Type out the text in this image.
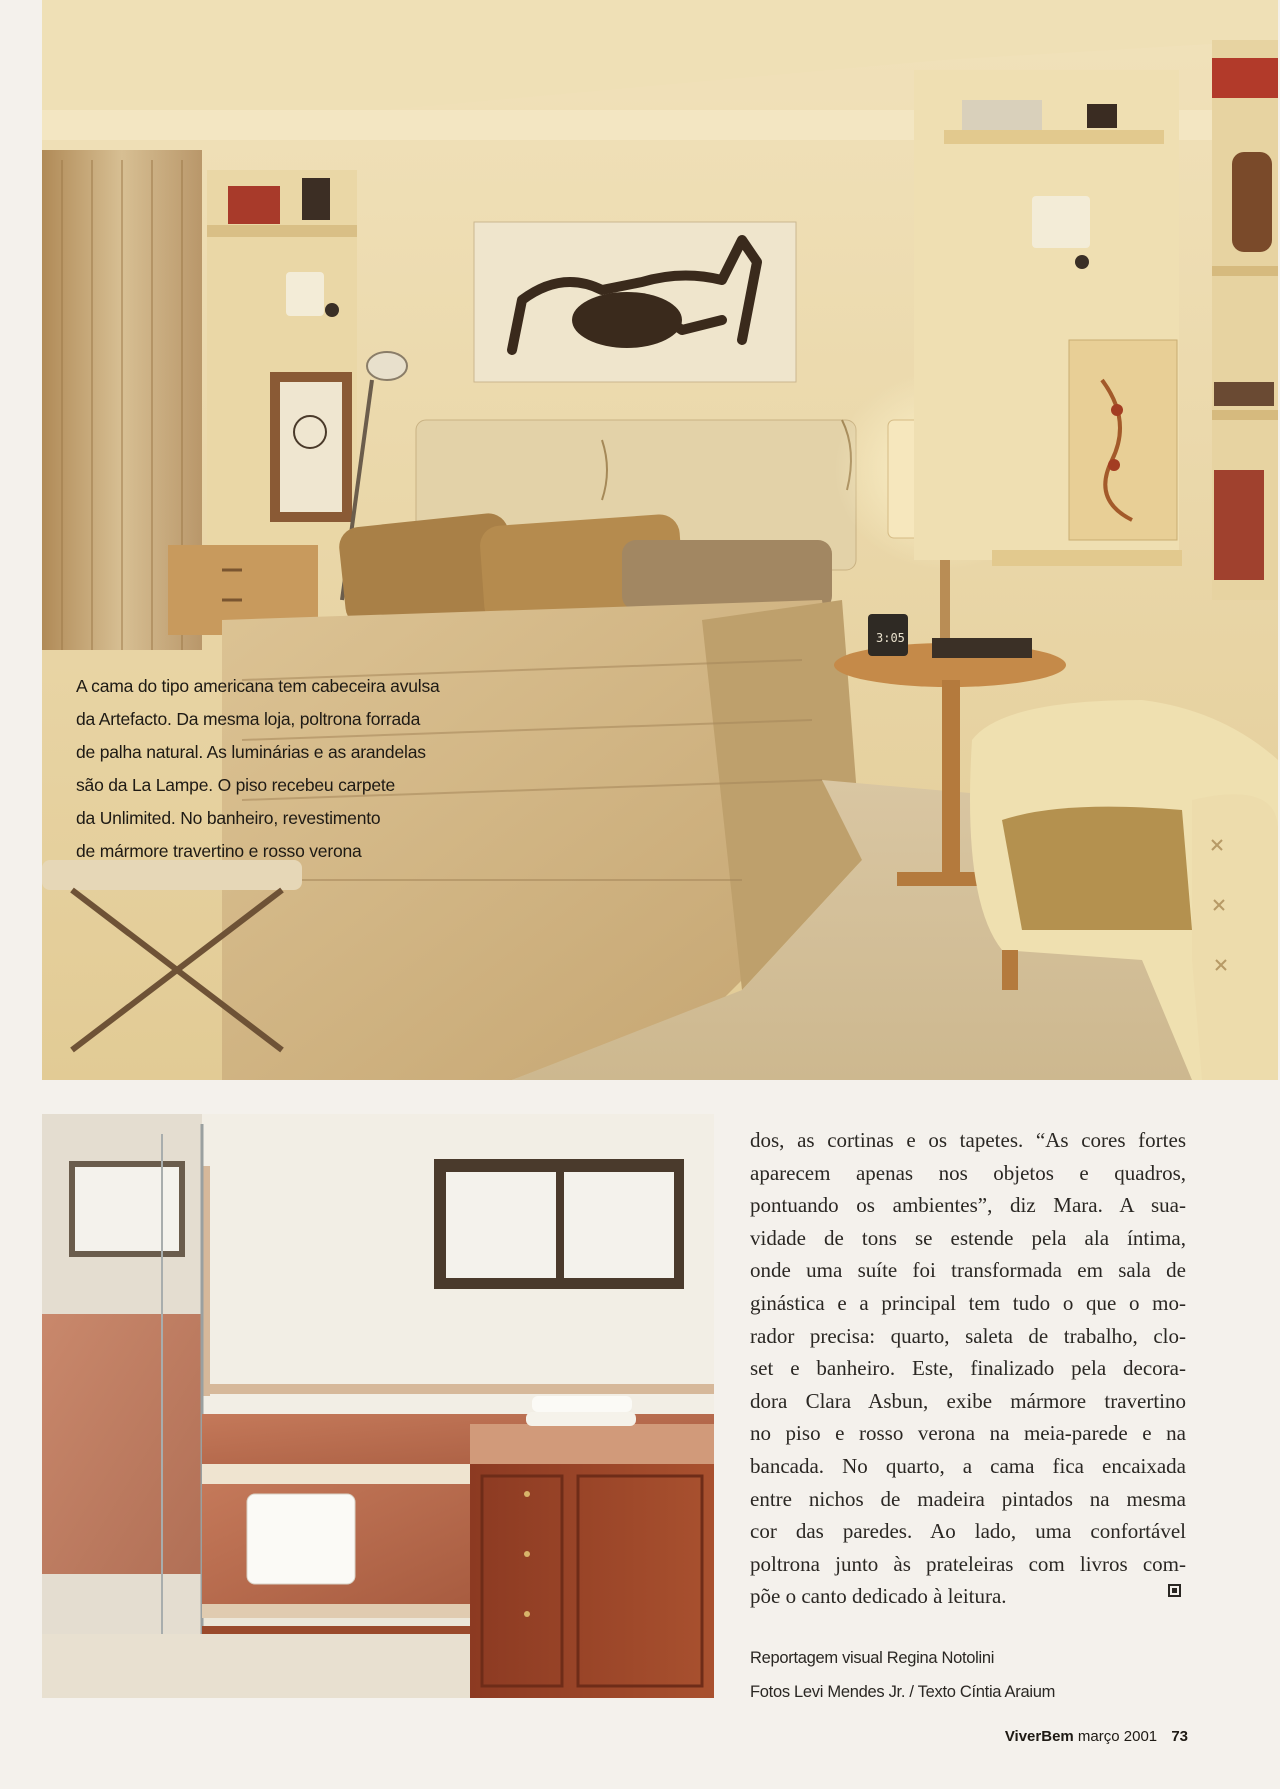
3:05
A cama do tipo americana tem cabeceira avulsa
da Artefacto. Da mesma loja, poltrona forrada
de palha natural. As luminárias e as arandelas
são da La Lampe. O piso recebeu carpete
da Unlimited. No banheiro, revestimento
de mármore travertino e rosso verona
dos, as cortinas e os tapetes. “As cores fortes
aparecem apenas nos objetos e quadros,
pontuando os ambientes”, diz Mara. A sua-
vidade de tons se estende pela ala íntima,
onde uma suíte foi transformada em sala de
ginástica e a principal tem tudo o que o mo-
rador precisa: quarto, saleta de trabalho, clo-
set e banheiro. Este, finalizado pela decora-
dora Clara Asbun, exibe mármore travertino
no piso e rosso verona na meia-parede e na
bancada. No quarto, a cama fica encaixada
entre nichos de madeira pintados na mesma
cor das paredes. Ao lado, uma confortável
poltrona junto às prateleiras com livros com-
põe o canto dedicado à leitura.
Reportagem visual Regina Notolini
Fotos Levi Mendes Jr. / Texto Cíntia Araium
ViverBem março 2001 73
